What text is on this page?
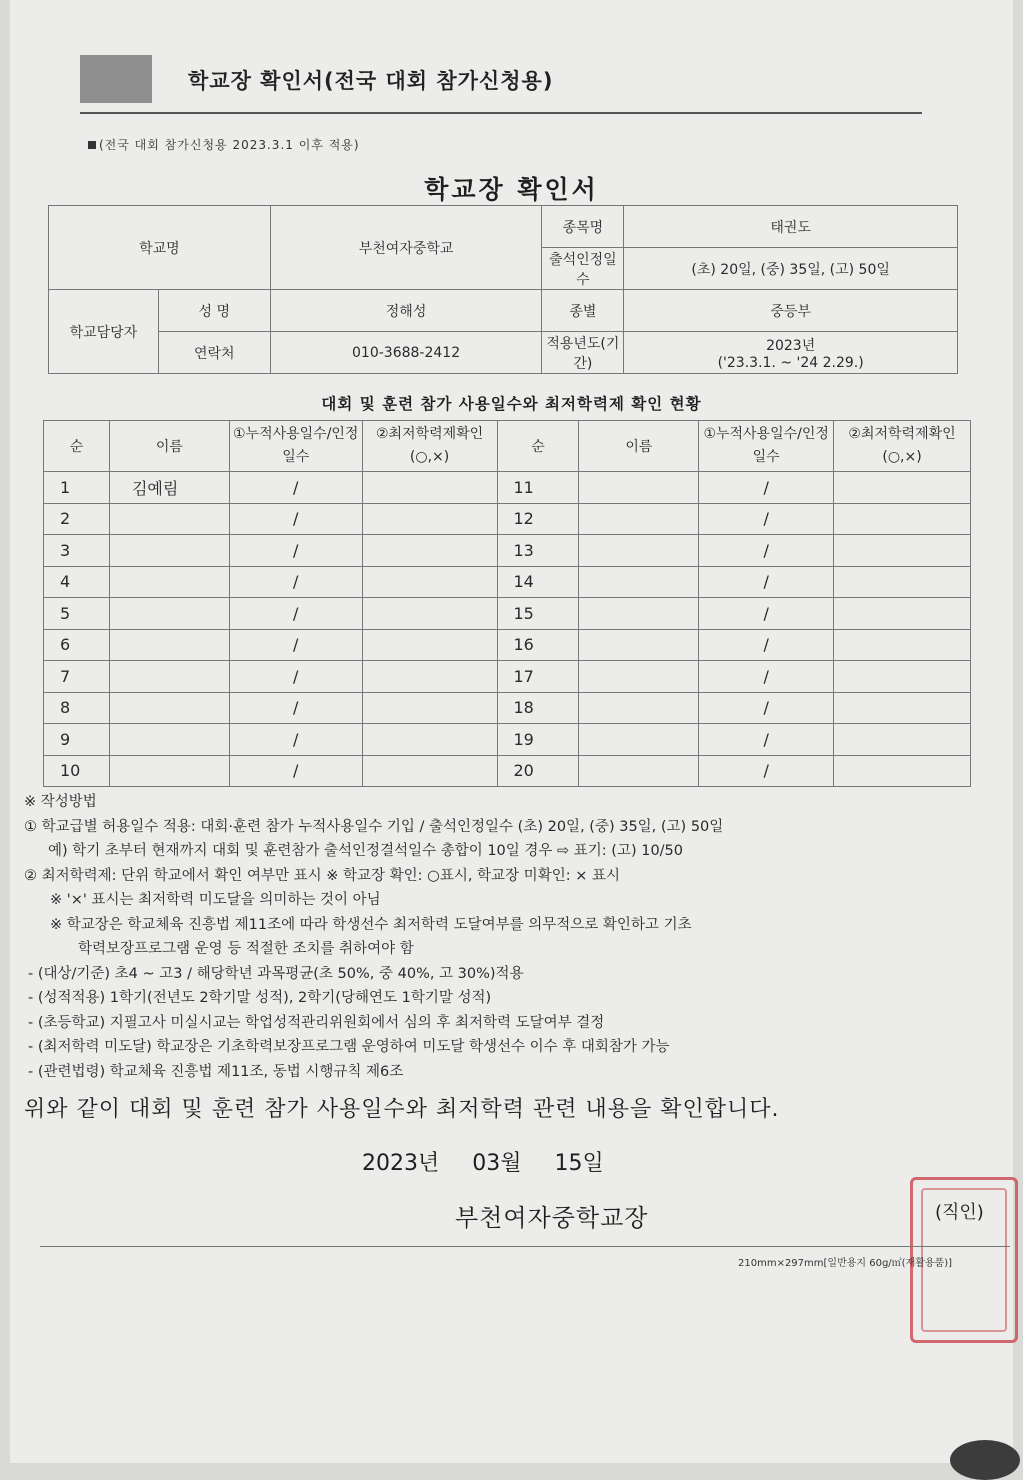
학교장 확인서(전국 대회 참가신청용)
(전국 대회 참가신청용 2023.3.1 이후 적용)
학교장 확인서
학교명		부천여자중학교	종목명	태권도
			출석인정일수	(초) 20일, (중) 35일, (고) 50일
학교담당자	성 명	정해성	종별	중등부
	연락처	010-3688-2412	적용년도(기간)	2023년
('23.3.1. ~ '24 2.29.)
대회 및 훈련 참가 사용일수와 최저학력제 확인 현황
순	이름	①누적사용일수/인정일수	②최저학력제확인(○,×)	순	이름	①누적사용일수/인정일수	②최저학력제확인(○,×)
1	김예림	/		11		/	
2		/		12		/	
3		/		13		/	
4		/		14		/	
5		/		15		/	
6		/		16		/	
7		/		17		/	
8		/		18		/	
9		/		19		/	
10		/		20		/	
※ 작성방법
① 학교급별 허용일수 적용: 대회·훈련 참가 누적사용일수 기입 / 출석인정일수 (초) 20일, (중) 35일, (고) 50일
예) 학기 초부터 현재까지 대회 및 훈련참가 출석인정결석일수 총합이 10일 경우 ⇨ 표기: (고) 10/50
② 최저학력제: 단위 학교에서 확인 여부만 표시 ※ 학교장 확인: ○표시, 학교장 미확인: × 표시
※ '×' 표시는 최저학력 미도달을 의미하는 것이 아님
※ 학교장은 학교체육 진흥법 제11조에 따라 학생선수 최저학력 도달여부를 의무적으로 확인하고 기초
학력보장프로그램 운영 등 적절한 조치를 취하여야 함
- (대상/기준) 초4 ~ 고3 / 해당학년 과목평균(초 50%, 중 40%, 고 30%)적용
- (성적적용) 1학기(전년도 2학기말 성적), 2학기(당해연도 1학기말 성적)
- (초등학교) 지필고사 미실시교는 학업성적관리위원회에서 심의 후 최저학력 도달여부 결정
- (최저학력 미도달) 학교장은 기초학력보장프로그램 운영하여 미도달 학생선수 이수 후 대회참가 가능
- (관련법령) 학교체육 진흥법 제11조, 동법 시행규칙 제6조
위와 같이 대회 및 훈련 참가 사용일수와 최저학력 관련 내용을 확인합니다.
2023년 03월 15일
부천여자중학교장	(직인)
210mm×297mm[일반용지 60g/㎡(재활용품)]
